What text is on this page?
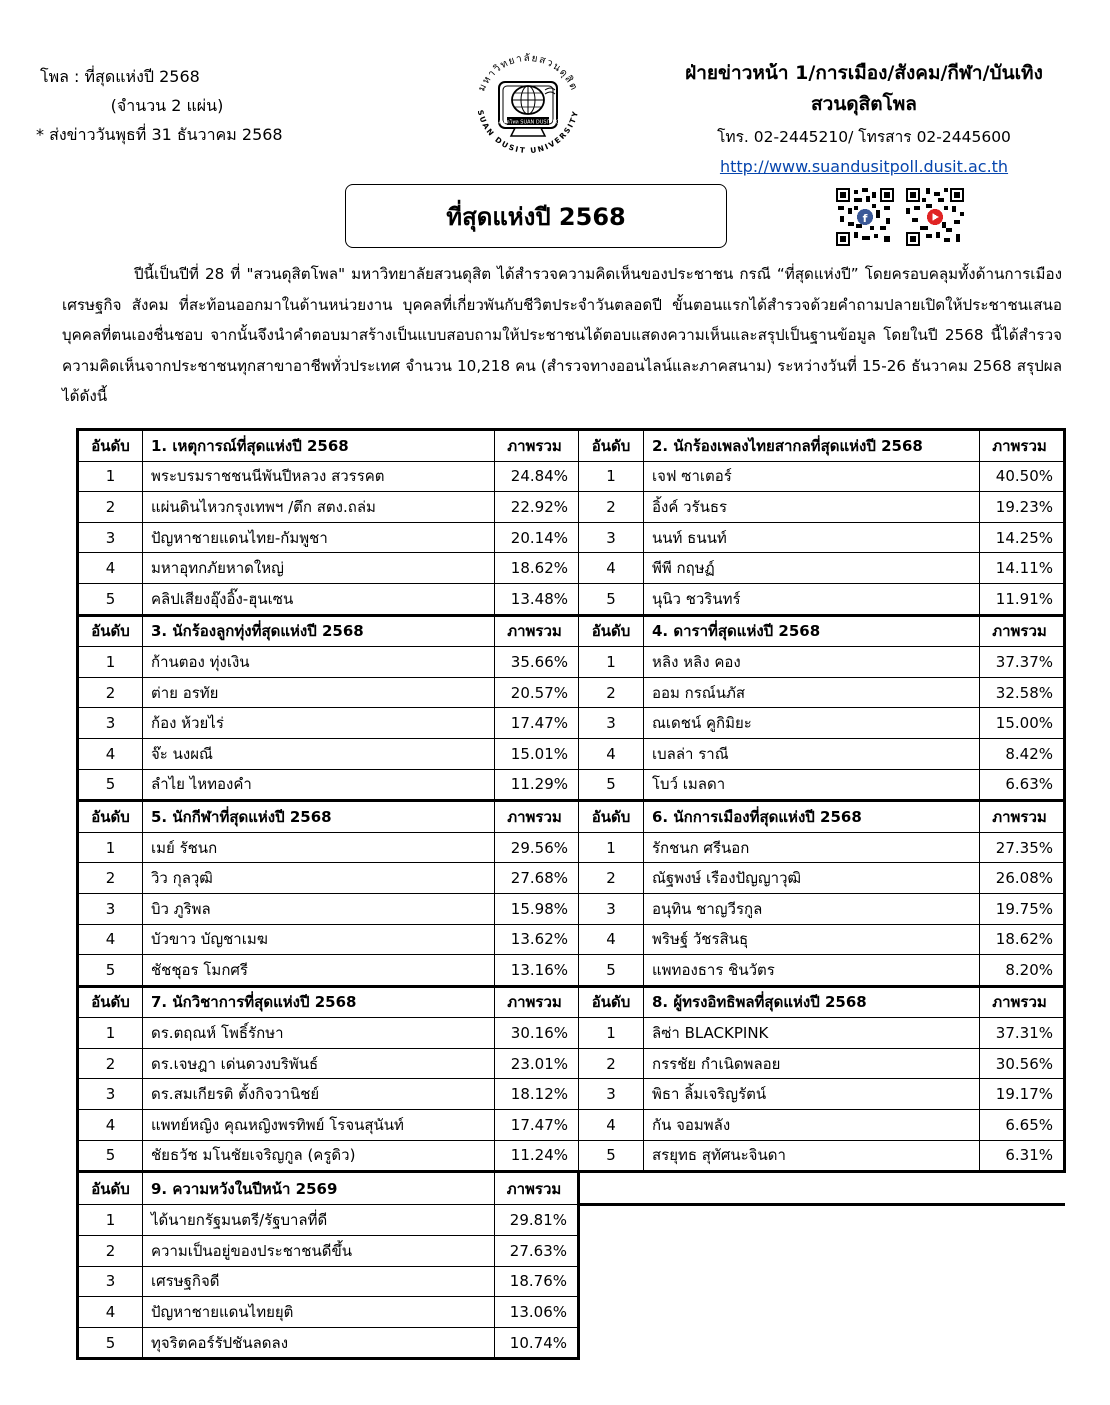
โพล : ที่สุดแห่งปี 2568
(จำนวน 2 แผ่น)
* ส่งข่าววันพุธที่ 31 ธันวาคม 2568
มหาวิทยาลัยสวนดุสิต
SUAN DUSIT UNIVERSITY
สวนดุสิตโพล SUAN DUSIT POLL
ฝ่ายข่าวหน้า 1/การเมือง/สังคม/กีฬา/บันเทิง
สวนดุสิตโพล
โทร. 02-2445210/ โทรสาร 02-2445600
http://www.suandusitpoll.dusit.ac.th
ที่สุดแห่งปี 2568	f

ปีนี้เป็นปีที่ 28 ที่ "สวนดุสิตโพล" มหาวิทยาลัยสวนดุสิต ได้สำรวจความคิดเห็นของประชาชน กรณี “ที่สุดแห่งปี” โดยครอบคลุมทั้งด้านการเมือง เศรษฐกิจ สังคม ที่สะท้อนออกมาในด้านหน่วยงาน บุคคลที่เกี่ยวพันกับชีวิตประจำวันตลอดปี ขั้นตอนแรกได้สำรวจด้วยคำถามปลายเปิดให้ประชาชนเสนอบุคคลที่ตนเองชื่นชอบ จากนั้นจึงนำคำตอบมาสร้างเป็นแบบสอบถามให้ประชาชนได้ตอบแสดงความเห็นและสรุปเป็นฐานข้อมูล โดยในปี 2568 นี้ได้สำรวจความคิดเห็นจากประชาชนทุกสาขาอาชีพทั่วประเทศ จำนวน 10,218 คน (สำรวจทางออนไลน์และภาคสนาม) ระหว่างวันที่ 15-26 ธันวาคม 2568 สรุปผลได้ดังนี้

อันดับ	1. เหตุการณ์ที่สุดแห่งปี 2568	ภาพรวม	อันดับ	2. นักร้องเพลงไทยสากลที่สุดแห่งปี 2568	ภาพรวม
1	พระบรมราชชนนีพันปีหลวง สวรรคต	24.84%	1	เจฟ ซาเตอร์	40.50%
2	แผ่นดินไหวกรุงเทพฯ /ตึก สตง.ถล่ม	22.92%	2	อิ้งค์ วรันธร	19.23%
3	ปัญหาชายแดนไทย-กัมพูชา	20.14%	3	นนท์ ธนนท์	14.25%
4	มหาอุทกภัยหาดใหญ่	18.62%	4	พีพี กฤษฏ์	14.11%
5	คลิปเสียงอุ๊งอิ๊ง-ฮุนเซน	13.48%	5	นุนิว ชวรินทร์	11.91%
อันดับ	3. นักร้องลูกทุ่งที่สุดแห่งปี 2568	ภาพรวม	อันดับ	4. ดาราที่สุดแห่งปี 2568	ภาพรวม
1	ก้านตอง ทุ่งเงิน	35.66%	1	หลิง หลิง คอง	37.37%
2	ต่าย อรทัย	20.57%	2	ออม กรณ์นภัส	32.58%
3	ก้อง ห้วยไร่	17.47%	3	ณเดชน์ คูกิมิยะ	15.00%
4	จ๊ะ นงผณี	15.01%	4	เบลล่า ราณี	8.42%
5	ลำไย ไหทองคำ	11.29%	5	โบว์ เมลดา	6.63%
อันดับ	5. นักกีฬาที่สุดแห่งปี 2568	ภาพรวม	อันดับ	6. นักการเมืองที่สุดแห่งปี 2568	ภาพรวม
1	เมย์ รัชนก	29.56%	1	รักชนก ศรีนอก	27.35%
2	วิว กุลวุฒิ	27.68%	2	ณัฐพงษ์ เรืองปัญญาวุฒิ	26.08%
3	บิว ภูริพล	15.98%	3	อนุทิน ชาญวีรกูล	19.75%
4	บัวขาว บัญชาเมฆ	13.62%	4	พริษฐ์ วัชรสินธุ	18.62%
5	ชัชชุอร โมกศรี	13.16%	5	แพทองธาร ชินวัตร	8.20%
อันดับ	7. นักวิชาการที่สุดแห่งปี 2568	ภาพรวม	อันดับ	8. ผู้ทรงอิทธิพลที่สุดแห่งปี 2568	ภาพรวม
1	ดร.ตฤณห์ โพธิ์รักษา	30.16%	1	ลิซ่า BLACKPINK	37.31%
2	ดร.เจษฎา เด่นดวงบริพันธ์	23.01%	2	กรรชัย กำเนิดพลอย	30.56%
3	ดร.สมเกียรติ ตั้งกิจวานิชย์	18.12%	3	พิธา ลิ้มเจริญรัตน์	19.17%
4	แพทย์หญิง คุณหญิงพรทิพย์ โรจนสุนันท์	17.47%	4	กัน จอมพลัง	6.65%
5	ชัยธวัช มโนชัยเจริญกูล (ครูดิว)	11.24%	5	สรยุทธ สุทัศนะจินดา	6.31%
อันดับ	9. ความหวังในปีหน้า 2569	ภาพรวม			
1	ได้นายกรัฐมนตรี/รัฐบาลที่ดี	29.81%			
2	ความเป็นอยู่ของประชาชนดีขึ้น	27.63%			
3	เศรษฐกิจดี	18.76%			
4	ปัญหาชายแดนไทยยุติ	13.06%			
5	ทุจริตคอร์รัปชันลดลง	10.74%			
